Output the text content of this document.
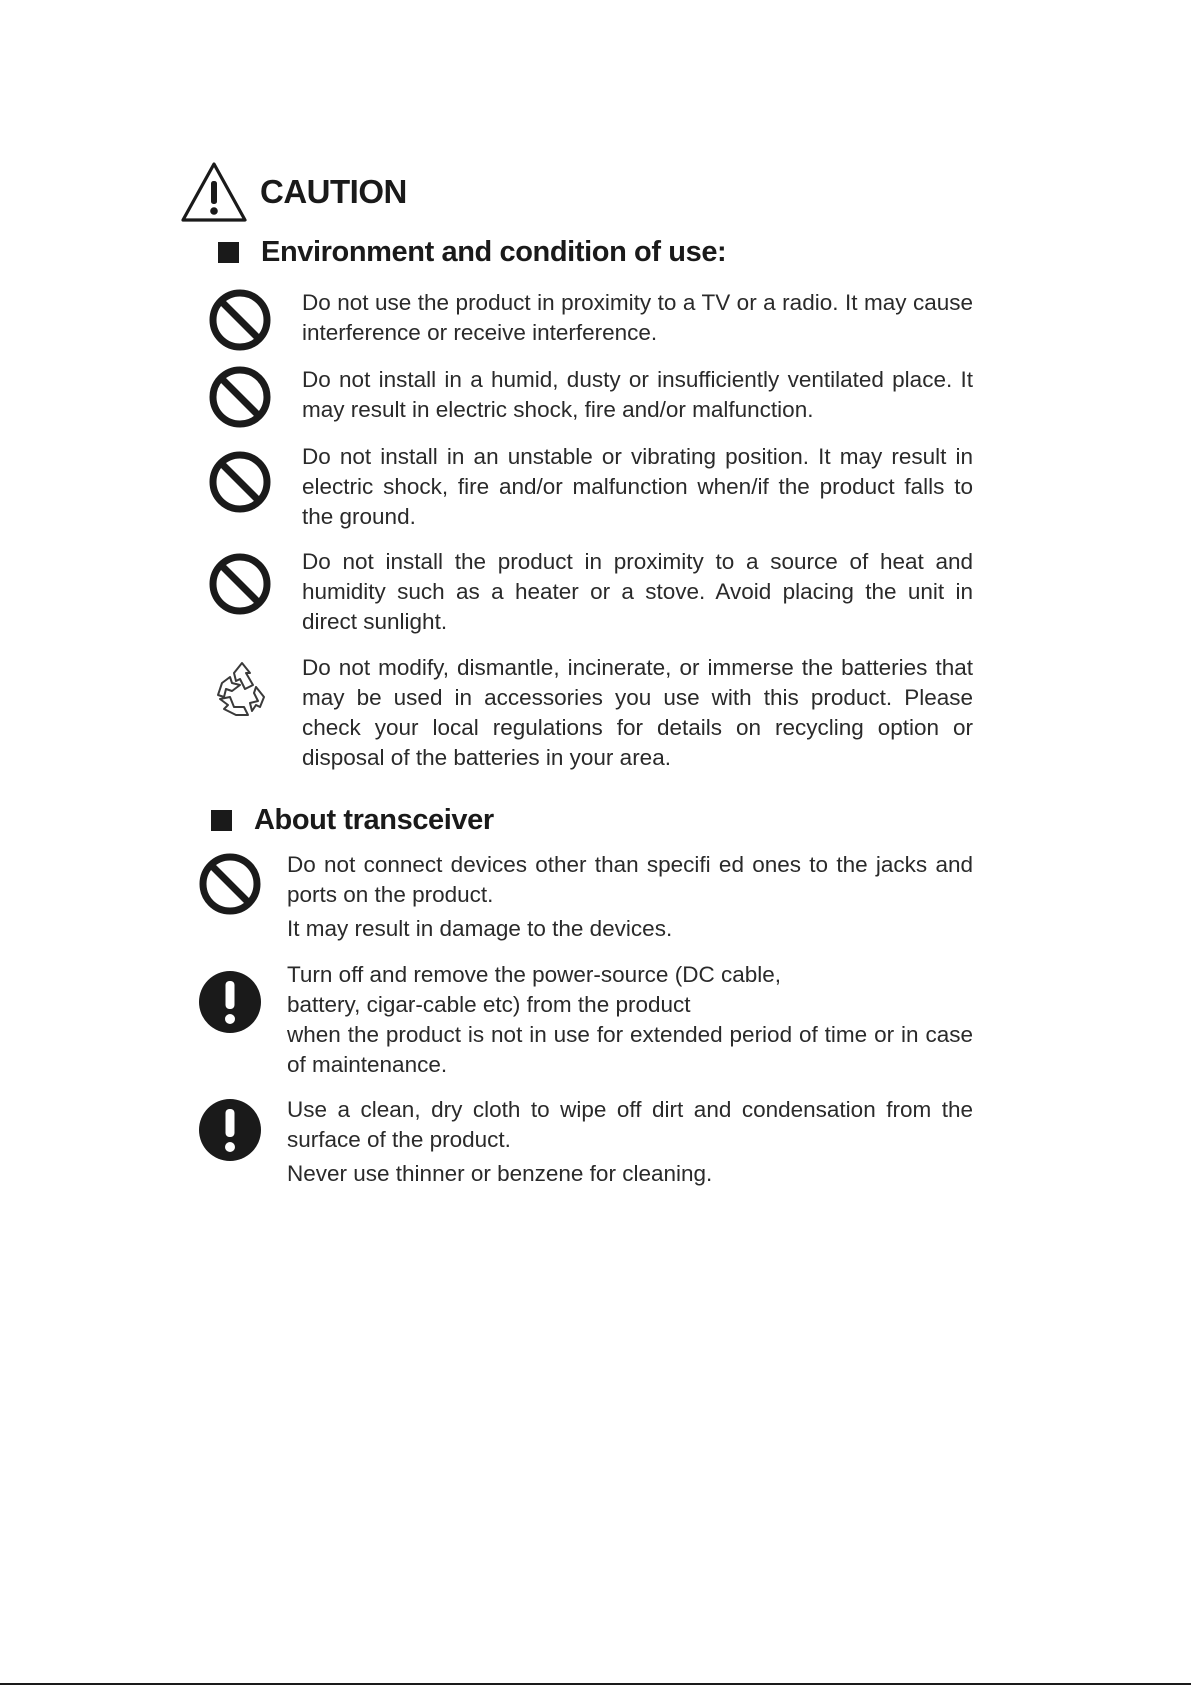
CAUTION
Environment and condition of use:

Do not use the product in proximity to a TV or a radio. It may cause interference or receive interference.

Do not install in a humid, dusty or insufficiently ventilated place. It may result in electric shock, fire and/or malfunction.

Do not install in an unstable or vibrating position. It may result in electric shock, fire and/or malfunction when/if the product falls to the ground.

Do not install the product in proximity to a source of heat and humidity such as a heater or a stove. Avoid placing the unit in direct sunlight.

Do not modify, dismantle, incinerate, or immerse the batteries that may be used in accessories you use with this product. Please check your local regulations for details on recycling option or disposal of the batteries in your area.

About transceiver

Do not connect devices other than specifi ed ones to the jacks and ports on the product.

It may result in damage to the devices.

Turn off and remove the power-source (DC cable,

battery, cigar-cable etc) from the product

when the product is not in use for extended period of time or in case of maintenance.

Use a clean, dry cloth to wipe off dirt and condensation from the surface of the product.

Never use thinner or benzene for cleaning.
